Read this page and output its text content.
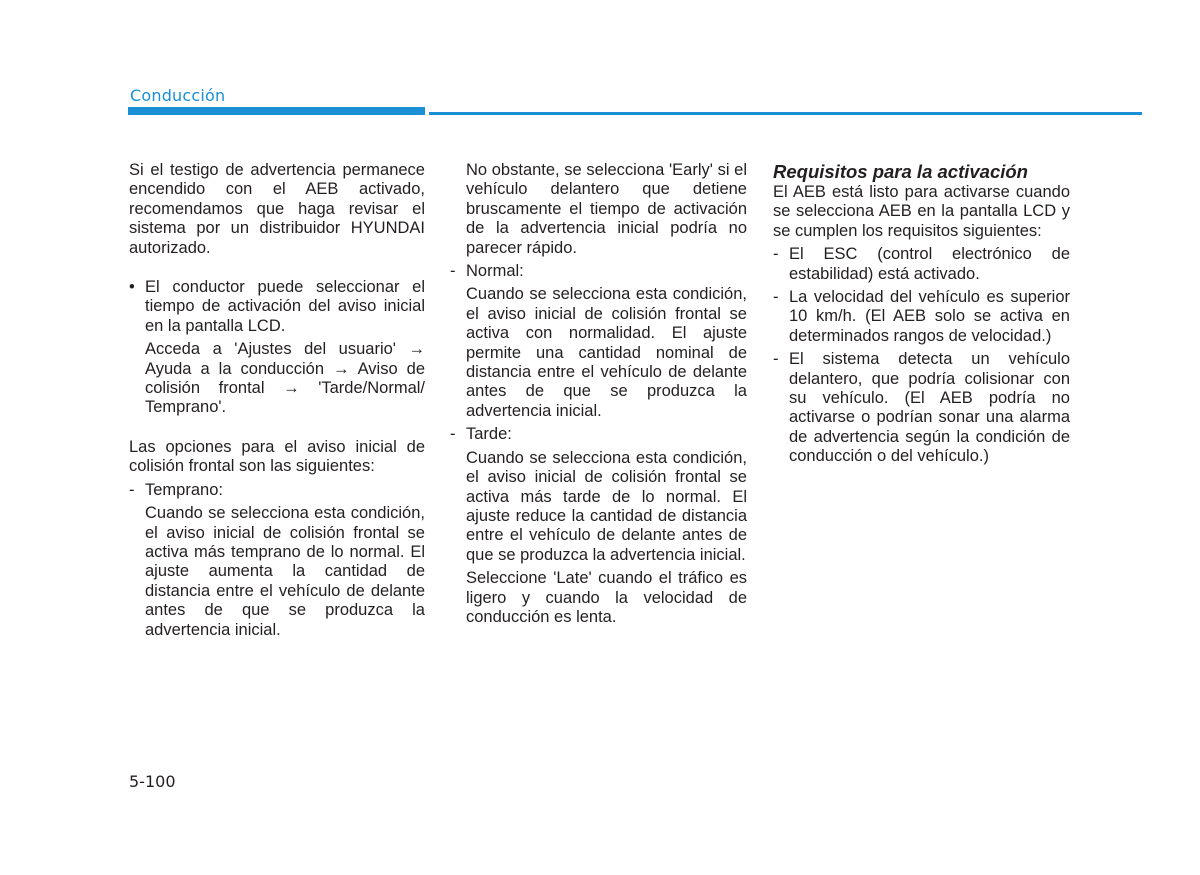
Conducción

Si el testigo de advertencia permanece encendido con el AEB activado, recomendamos que haga revisar el sistema por un distribuidor HYUNDAI autorizado.

• El conductor puede seleccionar el tiempo de activación del aviso inicial en la pantalla LCD.

Acceda a 'Ajustes del usuario' → Ayuda a la conducción → Aviso de colisión frontal → 'Tarde/Normal/ Temprano'.

Las opciones para el aviso inicial de colisión frontal son las siguientes:

- Temprano:

Cuando se selecciona esta condición, el aviso inicial de colisión frontal se activa más temprano de lo normal. El ajuste aumenta la cantidad de distancia entre el vehículo de delante antes de que se produzca la advertencia inicial.

No obstante, se selecciona 'Early' si el vehículo delantero que detiene bruscamente el tiempo de activación de la advertencia inicial podría no parecer rápido.

- Normal:

Cuando se selecciona esta condición, el aviso inicial de colisión frontal se activa con normalidad. El ajuste permite una cantidad nominal de distancia entre el vehículo de delante antes de que se produzca la advertencia inicial.

- Tarde:

Cuando se selecciona esta condición, el aviso inicial de colisión frontal se activa más tarde de lo normal. El ajuste reduce la cantidad de distancia entre el vehículo de delante antes de que se produzca la advertencia inicial.

Seleccione 'Late' cuando el tráfico es ligero y cuando la velocidad de conducción es lenta.

Requisitos para la activación

El AEB está listo para activarse cuando se selecciona AEB en la pantalla LCD y se cumplen los requisitos siguientes:

- El ESC (control electrónico de estabilidad) está activado.

- La velocidad del vehículo es superior 10 km/h. (El AEB solo se activa en determinados rangos de velocidad.)

- El sistema detecta un vehículo delantero, que podría colisionar con su vehículo. (El AEB podría no activarse o podrían sonar una alarma de advertencia según la condición de conducción o del vehículo.)

5-100
